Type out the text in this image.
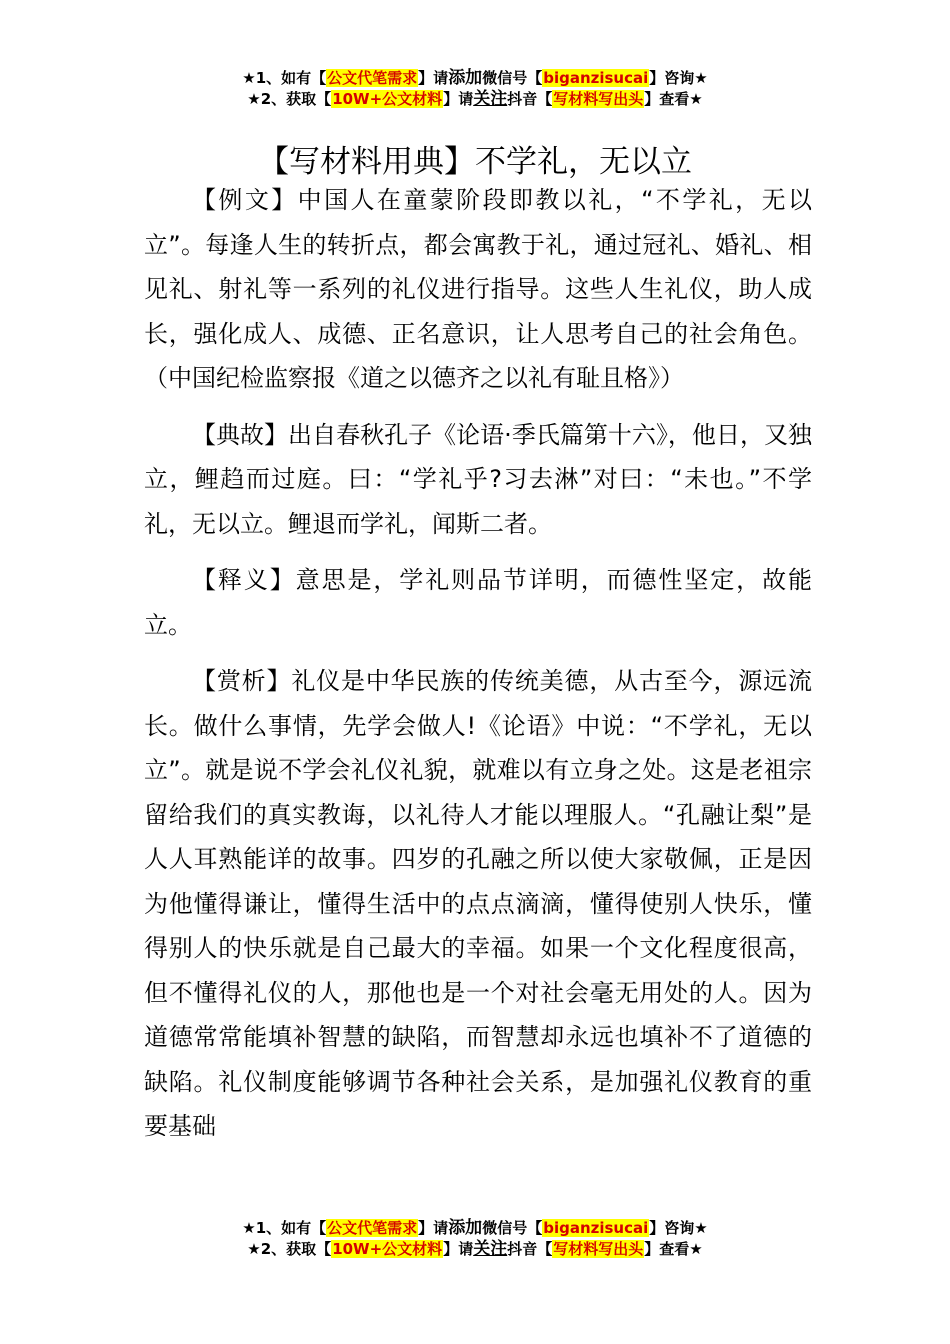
★1、如有【公文代笔需求】请添加微信号【biganzisucai】咨询★
★2、获取【10W+公文材料】请关注抖音【写材料写出头】查看★
【写材料用典】不学礼，无以立

【例文】中国人在童蒙阶段即教以礼，“不学礼，无以立”。每逢人生的转折点，都会寓教于礼，通过冠礼、婚礼、相见礼、射礼等一系列的礼仪进行指导。这些人生礼仪，助人成长，强化成人、成德、正名意识，让人思考自己的社会角色。（中国纪检监察报《道之以德齐之以礼有耻且格》）

【典故】出自春秋孔子《论语·季氏篇第十六》，他日，又独立，鲤趋而过庭。曰：“学礼乎?习去淋”对曰：“未也。”不学礼，无以立。鲤退而学礼，闻斯二者。

【释义】意思是，学礼则品节详明，而德性坚定，故能立。

【赏析】礼仪是中华民族的传统美德，从古至今，源远流长。做什么事情，先学会做人!《论语》中说：“不学礼，无以立”。就是说不学会礼仪礼貌，就难以有立身之处。这是老祖宗留给我们的真实教诲，以礼待人才能以理服人。“孔融让梨”是人人耳熟能详的故事。四岁的孔融之所以使大家敬佩，正是因为他懂得谦让，懂得生活中的点点滴滴，懂得使别人快乐，懂得别人的快乐就是自己最大的幸福。如果一个文化程度很高，但不懂得礼仪的人，那他也是一个对社会毫无用处的人。因为道德常常能填补智慧的缺陷，而智慧却永远也填补不了道德的缺陷。礼仪制度能够调节各种社会关系，是加强礼仪教育的重要基础

★1、如有【公文代笔需求】请添加微信号【biganzisucai】咨询★
★2、获取【10W+公文材料】请关注抖音【写材料写出头】查看★
